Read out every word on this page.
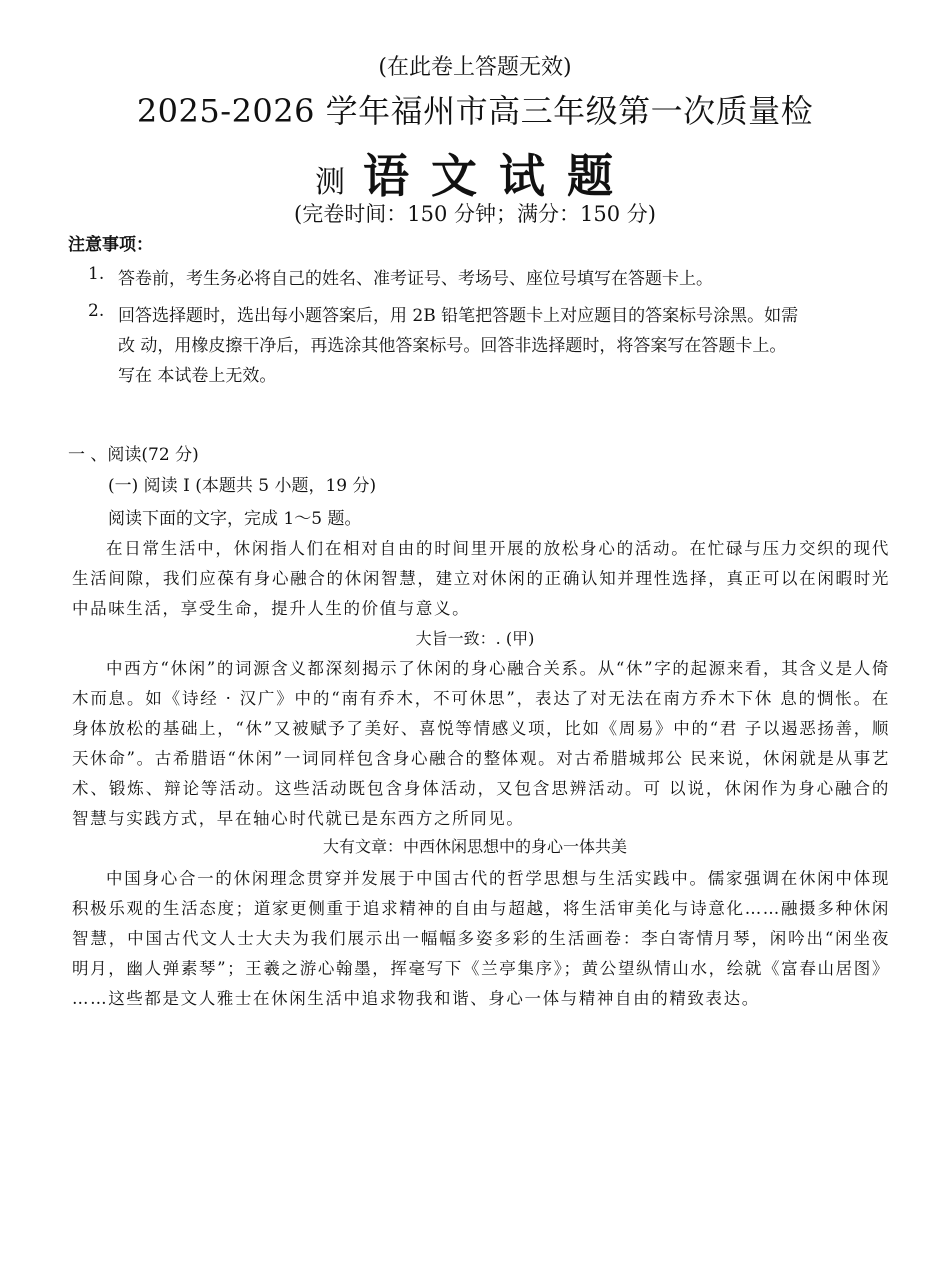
(在此卷上答题无效)
2025-2026 学年福州市高三年级第一次质量检
测 语文试题
(完卷时间：150 分钟；满分：150 分)
注意事项：
1. 答卷前，考生务必将自己的姓名、准考证号、考场号、座位号填写在答题卡上。
2. 回答选择题时，选出每小题答案后，用 2B 铅笔把答题卡上对应题目的答案标号涂黑。如需
改 动，用橡皮擦干净后，再选涂其他答案标号。回答非选择题时，将答案写在答题卡上。
写在 本试卷上无效。
一 、阅读(72 分)
(一) 阅读 I (本题共 5 小题，19 分)
阅读下面的文字，完成 1～5 题。
在日常生活中，休闲指人们在相对自由的时间里开展的放松身心的活动。在忙碌与压力交织的现代生活间隙，我们应葆有身心融合的休闲智慧，建立对休闲的正确认知并理性选择，真正可以在闲暇时光中品味生活，享受生命，提升人生的价值与意义。
大旨一致：. (甲)
中西方“休闲”的词源含义都深刻揭示了休闲的身心融合关系。从“休”字的起源来看，其含义是人倚木而息。如《诗经 · 汉广》中的“南有乔木，不可休思”，表达了对无法在南方乔木下休 息的惆怅。在身体放松的基础上，“休”又被赋予了美好、喜悦等情感义项，比如《周易》中的“君 子以遏恶扬善，顺天休命”。古希腊语“休闲”一词同样包含身心融合的整体观。对古希腊城邦公 民来说，休闲就是从事艺术、锻炼、辩论等活动。这些活动既包含身体活动，又包含思辨活动。可 以说，休闲作为身心融合的智慧与实践方式，早在轴心时代就已是东西方之所同见。
大有文章：中西休闲思想中的身心一体共美
中国身心合一的休闲理念贯穿并发展于中国古代的哲学思想与生活实践中。儒家强调在休闲中体现积极乐观的生活态度；道家更侧重于追求精神的自由与超越，将生活审美化与诗意化……融摄多种休闲智慧，中国古代文人士大夫为我们展示出一幅幅多姿多彩的生活画卷：李白寄情月琴，闲吟出“闲坐夜明月，幽人弹素琴”；王羲之游心翰墨，挥毫写下《兰亭集序》；黄公望纵情山水，绘就《富春山居图》 ……这些都是文人雅士在休闲生活中追求物我和谐、身心一体与精神自由的精致表达。
